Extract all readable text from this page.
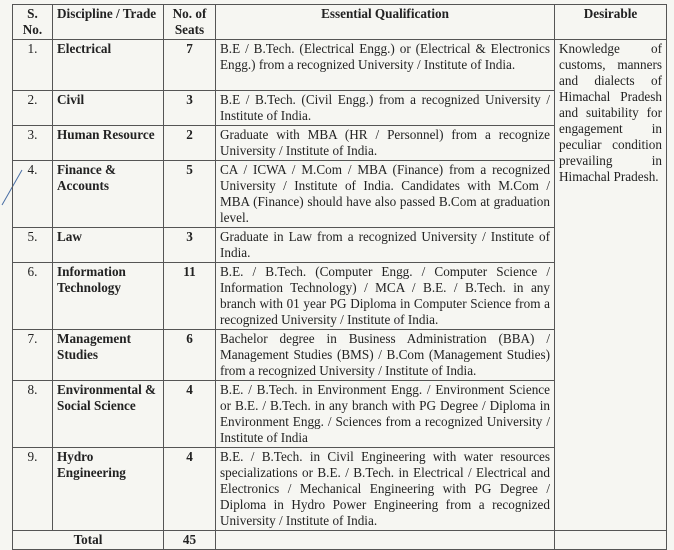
S. No.	Discipline / Trade	No. of Seats	Essential Qualification	Desirable
1.	Electrical	7	B.E / B.Tech. (Electrical Engg.) or (Electrical & Electronics Engg.) from a recognized University / Institute of India.	Knowledge of customs, manners and dialects of Himachal Pradesh and suitability for engagement in peculiar condition prevailing in Himachal Pradesh.
2.	Civil	3	B.E / B.Tech. (Civil Engg.) from a recognized University / Institute of India.	
3.	Human Resource	2	Graduate with MBA (HR / Personnel) from a recognize University / Institute of India.	
4.	Finance & Accounts	5	CA / ICWA / M.Com / MBA (Finance) from a recognized University / Institute of India. Candidates with M.Com / MBA (Finance) should have also passed B.Com at graduation level.	
5.	Law	3	Graduate in Law from a recognized University / Institute of India.	
6.	Information Technology	11	B.E. / B.Tech. (Computer Engg. / Computer Science / Information Technology) / MCA / B.E. / B.Tech. in any branch with 01 year PG Diploma in Computer Science from a recognized University / Institute of India.	
7.	Management Studies	6	Bachelor degree in Business Administration (BBA) / Management Studies (BMS) / B.Com (Management Studies) from a recognized University / Institute of India.	
8.	Environmental & Social Science	4	B.E. / B.Tech. in Environment Engg. / Environment Science or B.E. / B.Tech. in any branch with PG Degree / Diploma in Environment Engg. / Sciences from a recognized University / Institute of India	
9.	Hydro Engineering	4	B.E. / B.Tech. in Civil Engineering with water resources specializations or B.E. / B.Tech. in Electrical / Electrical and Electronics / Mechanical Engineering with PG Degree / Diploma in Hydro Power Engineering from a recognized University / Institute of India.	
Total		45		
